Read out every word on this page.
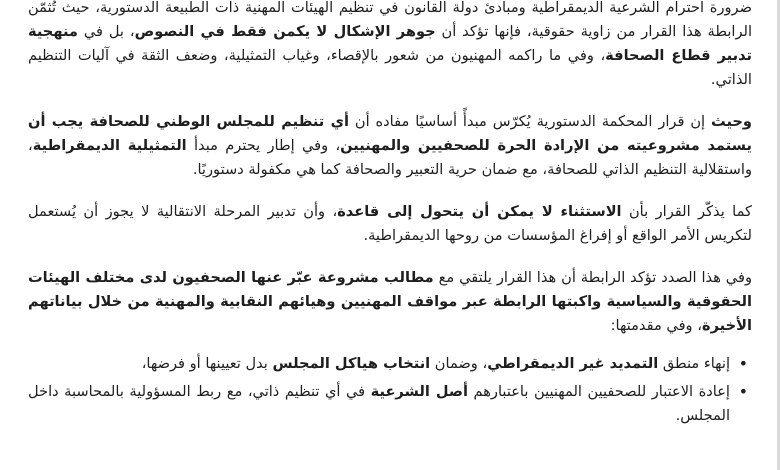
ضرورة احترام الشرعية الديمقراطية ومبادئ دولة القانون في تنظيم الهيئات المهنية ذات الطبيعة الدستورية، حيث تُثمّن الرابطة هذا القرار من زاوية حقوقية، فإنها تؤكد أن جوهر الإشكال لا يكمن فقط في النصوص، بل في منهجية تدبير قطاع الصحافة، وفي ما راكمه المهنيون من شعور بالإقصاء، وغياب التمثيلية، وضعف الثقة في آليات التنظيم الذاتي.

وحيث إن قرار المحكمة الدستورية يُكرّس مبدأً أساسيًا مفاده أن أي تنظيم للمجلس الوطني للصحافة يجب أن يستمد مشروعيته من الإرادة الحرة للصحفيين والمهنيين، وفي إطار يحترم مبدأ التمثيلية الديمقراطية، واستقلالية التنظيم الذاتي للصحافة، مع ضمان حرية التعبير والصحافة كما هي مكفولة دستوريًا.

كما يذكّر القرار بأن الاستثناء لا يمكن أن يتحول إلى قاعدة، وأن تدبير المرحلة الانتقالية لا يجوز أن يُستعمل لتكريس الأمر الواقع أو إفراغ المؤسسات من روحها الديمقراطية.

وفي هذا الصدد تؤكد الرابطة أن هذا القرار يلتقي مع مطالب مشروعة عبّر عنها الصحفيون لدى مختلف الهيئات الحقوقية والسياسية واكبتها الرابطة عبر مواقف المهنيين وهيائهم النقابية والمهنية من خلال بياناتهم الأخيرة، وفي مقدمتها:

• إنهاء منطق التمديد غير الديمقراطي، وضمان انتخاب هياكل المجلس بدل تعيينها أو فرضها،
• إعادة الاعتبار للصحفيين المهنيين باعتبارهم أصل الشرعية في أي تنظيم ذاتي، مع ربط المسؤولية بالمحاسبة داخل المجلس.
